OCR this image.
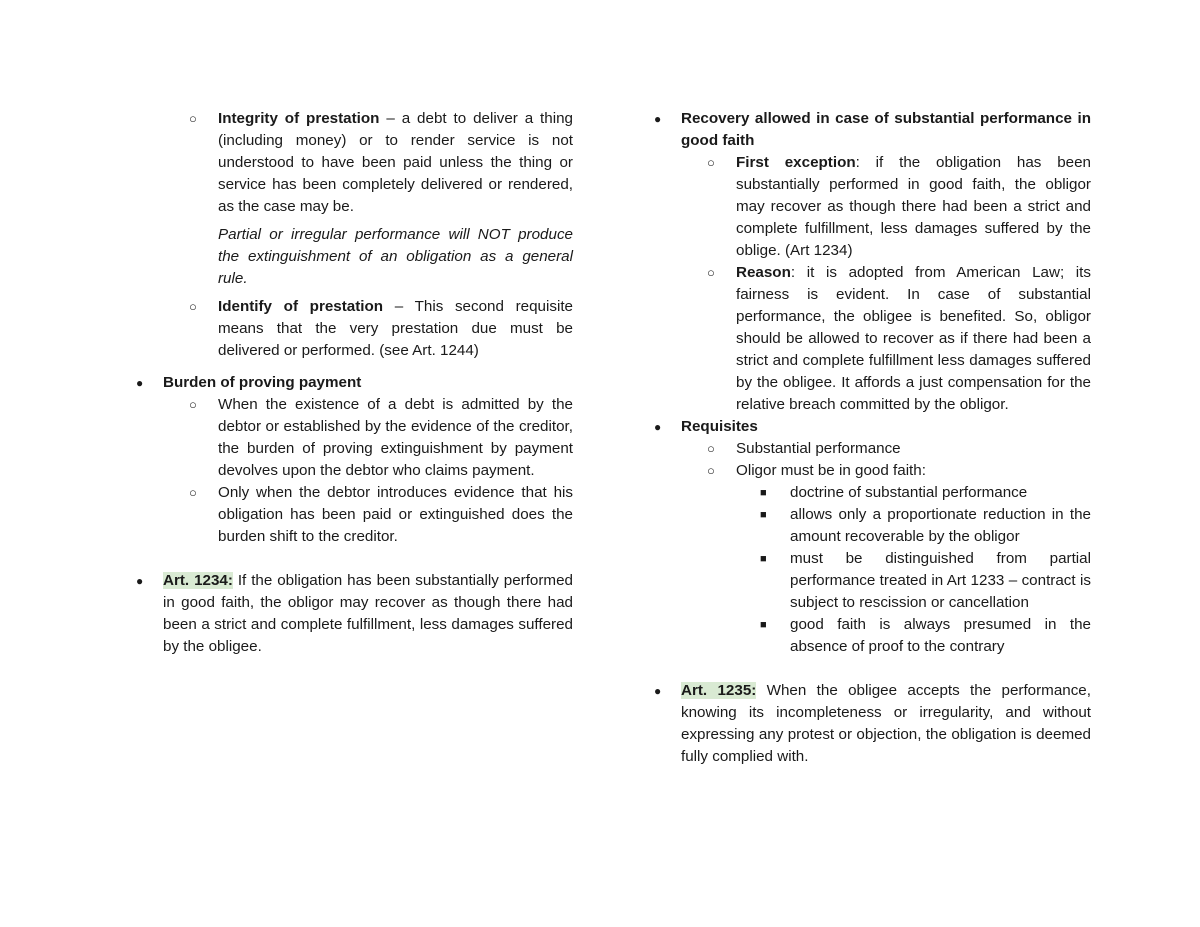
○ Integrity of prestation – a debt to deliver a thing (including money) or to render service is not understood to have been paid unless the thing or service has been completely delivered or rendered, as the case may be.

Partial or irregular performance will NOT produce the extinguishment of an obligation as a general rule.

○ Identify of prestation – This second requisite means that the very prestation due must be delivered or performed. (see Art. 1244)

● Burden of proving payment

○ When the existence of a debt is admitted by the debtor or established by the evidence of the creditor, the burden of proving extinguishment by payment devolves upon the debtor who claims payment.

○ Only when the debtor introduces evidence that his obligation has been paid or extinguished does the burden shift to the creditor.

● Art. 1234: If the obligation has been substantially performed in good faith, the obligor may recover as though there had been a strict and complete fulfillment, less damages suffered by the obligee.

● Recovery allowed in case of substantial performance in good faith

○ First exception: if the obligation has been substantially performed in good faith, the obligor may recover as though there had been a strict and complete fulfillment, less damages suffered by the oblige. (Art 1234)

○ Reason: it is adopted from American Law; its fairness is evident. In case of substantial performance, the obligee is benefited. So, obligor should be allowed to recover as if there had been a strict and complete fulfillment less damages suffered by the obligee. It affords a just compensation for the relative breach committed by the obligor.

● Requisites

○ Substantial performance

○ Oligor must be in good faith:

■ doctrine of substantial performance

■ allows only a proportionate reduction in the amount recoverable by the obligor

■ must be distinguished from partial performance treated in Art 1233 – contract is subject to rescission or cancellation

■ good faith is always presumed in the absence of proof to the contrary

● Art. 1235: When the obligee accepts the performance, knowing its incompleteness or irregularity, and without expressing any protest or objection, the obligation is deemed fully complied with.
